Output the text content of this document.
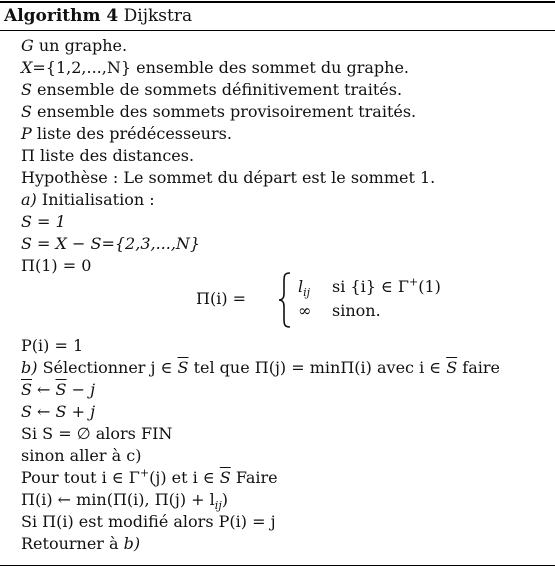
Algorithm 4 Dijkstra
G un graphe.
X={1,2,...,N} ensemble des sommet du graphe.
S ensemble de sommets définitivement traités.
S ensemble des sommets provisoirement traités.
P liste des prédécesseurs.
Π liste des distances.
Hypothèse : Le sommet du départ est le sommet 1.
a) Initialisation :
S = 1
S = X − S={2,3,...,N}
Π(1) = 0
Π(i) =
$l_{ij}$ si {i} ∈ Γ+(1)
∞ sinon.
P(i) = 1
b) Sélectionner j ∈ $\overline{S}$ tel que Π(j) = minΠ(i) avec i ∈ $\overline{S}$ faire
$\overline{S}$ ← $\overline{S} - j$
S ← S + j
Si S = ∅ alors FIN
sinon aller à c)
Pour tout i ∈ Γ+(j) et i ∈ $\overline{S}$ Faire
Π(i) ← min(Π(i), $\Pi(j) + l_{ij}$)
Si Π(i) est modifié alors P(i) = j
Retourner à b)
